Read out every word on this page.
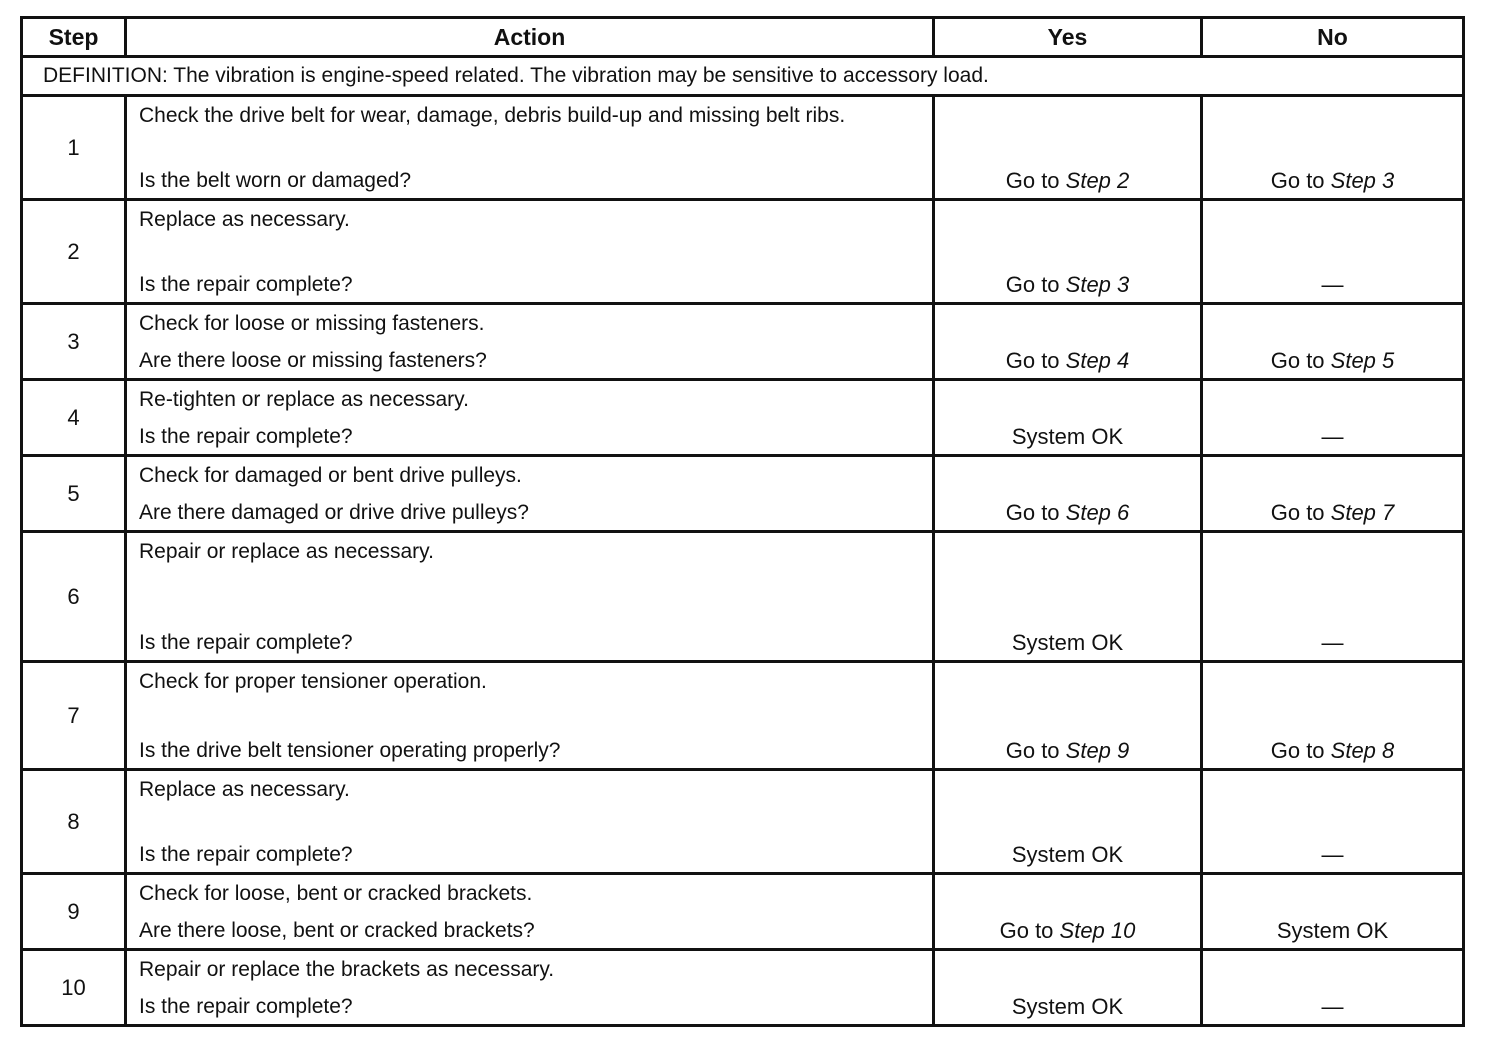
Step	Action	Yes	No
DEFINITION: The vibration is engine-speed related. The vibration may be sensitive to accessory load.			
1	Check the drive belt for wear, damage, debris build-up and missing belt ribs.
Is the belt worn or damaged?	Go to Step 2	Go to Step 3

2	Replace as necessary.
Is the repair complete?	Go to Step 3	—

3	Check for loose or missing fasteners.
Are there loose or missing fasteners?	Go to Step 4	Go to Step 5

4	Re-tighten or replace as necessary.
Is the repair complete?	System OK	—

5	Check for damaged or bent drive pulleys.
Are there damaged or drive drive pulleys?	Go to Step 6	Go to Step 7

6	Repair or replace as necessary.
Is the repair complete?	System OK	—

7	Check for proper tensioner operation.
Is the drive belt tensioner operating properly?	Go to Step 9	Go to Step 8

8	Replace as necessary.
Is the repair complete?	System OK	—

9	Check for loose, bent or cracked brackets.
Are there loose, bent or cracked brackets?	Go to Step 10	System OK

10	Repair or replace the brackets as necessary.
Is the repair complete?	System OK	—
